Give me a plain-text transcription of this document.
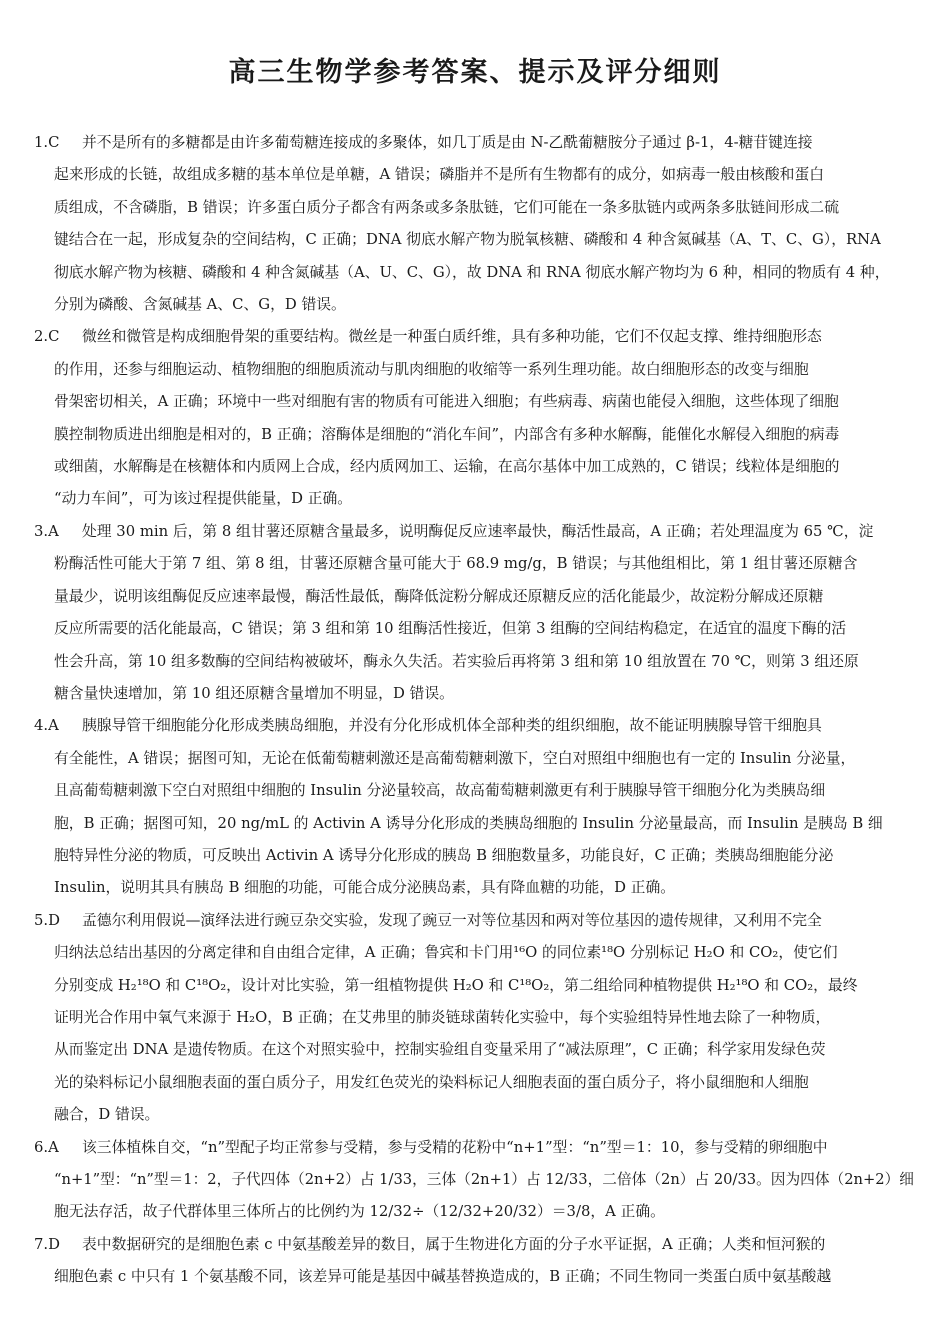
高三生物学参考答案、提示及评分细则
1.C	并不是所有的多糖都是由许多葡萄糖连接成的多聚体，如几丁质是由 N-乙酰葡糖胺分子通过 β-1，4-糖苷键连接
起来形成的长链，故组成多糖的基本单位是单糖，A 错误；磷脂并不是所有生物都有的成分，如病毒一般由核酸和蛋白
质组成，不含磷脂，B 错误；许多蛋白质分子都含有两条或多条肽链，它们可能在一条多肽链内或两条多肽链间形成二硫
键结合在一起，形成复杂的空间结构，C 正确；DNA 彻底水解产物为脱氧核糖、磷酸和 4 种含氮碱基（A、T、C、G），RNA
彻底水解产物为核糖、磷酸和 4 种含氮碱基（A、U、C、G），故 DNA 和 RNA 彻底水解产物均为 6 种，相同的物质有 4 种，
分别为磷酸、含氮碱基 A、C、G，D 错误。
2.C	微丝和微管是构成细胞骨架的重要结构。微丝是一种蛋白质纤维，具有多种功能，它们不仅起支撑、维持细胞形态
的作用，还参与细胞运动、植物细胞的细胞质流动与肌肉细胞的收缩等一系列生理功能。故白细胞形态的改变与细胞
骨架密切相关，A 正确；环境中一些对细胞有害的物质有可能进入细胞；有些病毒、病菌也能侵入细胞，这些体现了细胞
膜控制物质进出细胞是相对的，B 正确；溶酶体是细胞的“消化车间”，内部含有多种水解酶，能催化水解侵入细胞的病毒
或细菌，水解酶是在核糖体和内质网上合成，经内质网加工、运输，在高尔基体中加工成熟的，C 错误；线粒体是细胞的
“动力车间”，可为该过程提供能量，D 正确。
3.A	处理 30 min 后，第 8 组甘薯还原糖含量最多，说明酶促反应速率最快，酶活性最高，A 正确；若处理温度为 65 ℃，淀
粉酶活性可能大于第 7 组、第 8 组，甘薯还原糖含量可能大于 68.9 mg/g，B 错误；与其他组相比，第 1 组甘薯还原糖含
量最少，说明该组酶促反应速率最慢，酶活性最低，酶降低淀粉分解成还原糖反应的活化能最少，故淀粉分解成还原糖
反应所需要的活化能最高，C 错误；第 3 组和第 10 组酶活性接近，但第 3 组酶的空间结构稳定，在适宜的温度下酶的活
性会升高，第 10 组多数酶的空间结构被破坏，酶永久失活。若实验后再将第 3 组和第 10 组放置在 70 ℃，则第 3 组还原
糖含量快速增加，第 10 组还原糖含量增加不明显，D 错误。
4.A	胰腺导管干细胞能分化形成类胰岛细胞，并没有分化形成机体全部种类的组织细胞，故不能证明胰腺导管干细胞具
有全能性，A 错误；据图可知，无论在低葡萄糖刺激还是高葡萄糖刺激下，空白对照组中细胞也有一定的 Insulin 分泌量，
且高葡萄糖刺激下空白对照组中细胞的 Insulin 分泌量较高，故高葡萄糖刺激更有利于胰腺导管干细胞分化为类胰岛细
胞，B 正确；据图可知，20 ng/mL 的 Activin A 诱导分化形成的类胰岛细胞的 Insulin 分泌量最高，而 Insulin 是胰岛 B 细
胞特异性分泌的物质，可反映出 Activin A 诱导分化形成的胰岛 B 细胞数量多，功能良好，C 正确；类胰岛细胞能分泌
Insulin，说明其具有胰岛 B 细胞的功能，可能合成分泌胰岛素，具有降血糖的功能，D 正确。
5.D	孟德尔利用假说—演绎法进行豌豆杂交实验，发现了豌豆一对等位基因和两对等位基因的遗传规律，又利用不完全
归纳法总结出基因的分离定律和自由组合定律，A 正确；鲁宾和卡门用¹⁶O 的同位素¹⁸O 分别标记 H₂O 和 CO₂，使它们
分别变成 H₂¹⁸O 和 C¹⁸O₂，设计对比实验，第一组植物提供 H₂O 和 C¹⁸O₂，第二组给同种植物提供 H₂¹⁸O 和 CO₂，最终
证明光合作用中氧气来源于 H₂O，B 正确；在艾弗里的肺炎链球菌转化实验中，每个实验组特异性地去除了一种物质，
从而鉴定出 DNA 是遗传物质。在这个对照实验中，控制实验组自变量采用了“减法原理”，C 正确；科学家用发绿色荧
光的染料标记小鼠细胞表面的蛋白质分子，用发红色荧光的染料标记人细胞表面的蛋白质分子，将小鼠细胞和人细胞
融合，D 错误。
6.A	该三体植株自交，“n”型配子均正常参与受精，参与受精的花粉中“n+1”型：“n”型＝1：10，参与受精的卵细胞中
“n+1”型：“n”型＝1：2，子代四体（2n+2）占 1/33，三体（2n+1）占 12/33，二倍体（2n）占 20/33。因为四体（2n+2）细
胞无法存活，故子代群体里三体所占的比例约为 12/32÷（12/32+20/32）＝3/8，A 正确。
7.D	表中数据研究的是细胞色素 c 中氨基酸差异的数目，属于生物进化方面的分子水平证据，A 正确；人类和恒河猴的
细胞色素 c 中只有 1 个氨基酸不同，该差异可能是基因中碱基替换造成的，B 正确；不同生物同一类蛋白质中氨基酸越
